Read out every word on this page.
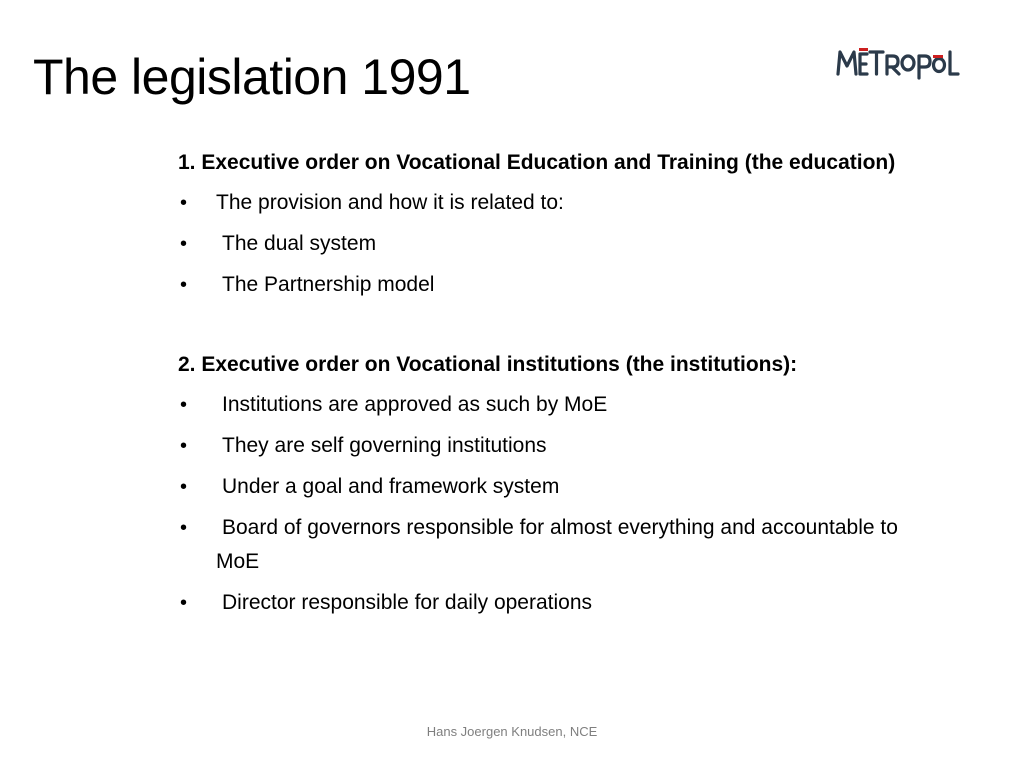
The legislation 1991

1. Executive order on Vocational Education and Training (the education)

• The provision and how it is related to:
• The dual system
• The Partnership model

2. Executive order on Vocational institutions (the institutions):

• Institutions are approved as such by MoE
• They are self governing institutions
• Under a goal and framework system
• Board of governors responsible for almost everything and accountable to MoE
• Director responsible for daily operations
Hans Joergen Knudsen, NCE
